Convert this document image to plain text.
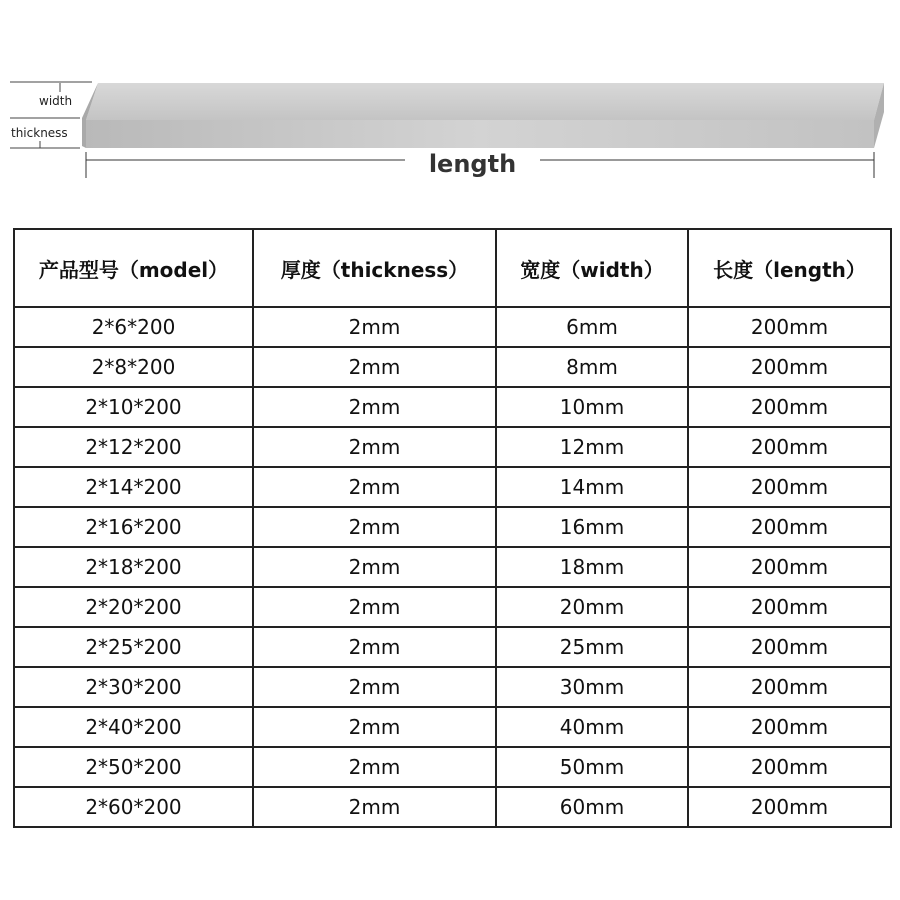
width
thickness
length
产品型号（model）	厚度（thickness）	宽度（width）	长度（length）
2*6*200	2mm	6mm	200mm
2*8*200	2mm	8mm	200mm
2*10*200	2mm	10mm	200mm
2*12*200	2mm	12mm	200mm
2*14*200	2mm	14mm	200mm
2*16*200	2mm	16mm	200mm
2*18*200	2mm	18mm	200mm
2*20*200	2mm	20mm	200mm
2*25*200	2mm	25mm	200mm
2*30*200	2mm	30mm	200mm
2*40*200	2mm	40mm	200mm
2*50*200	2mm	50mm	200mm
2*60*200	2mm	60mm	200mm
